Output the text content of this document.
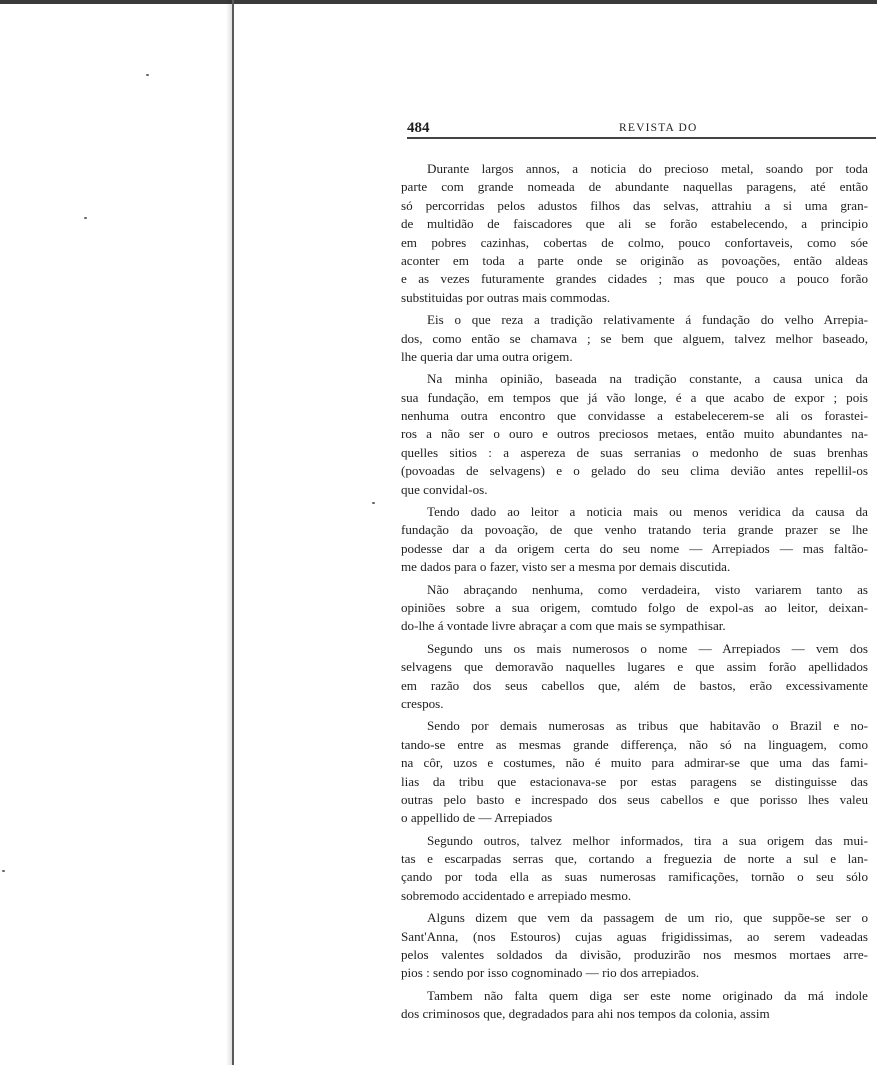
484	REVISTA DO
Durante largos annos, a noticia do precioso metal, soando por toda
parte com grande nomeada de abundante naquellas paragens, até então
só percorridas pelos adustos filhos das selvas, attrahiu a si uma gran-
de multidão de faiscadores que ali se forão estabelecendo, a principio
em pobres cazinhas, cobertas de colmo, pouco confortaveis, como sóe
aconter em toda a parte onde se originão as povoações, então aldeas
e as vezes futuramente grandes cidades ; mas que pouco a pouco forão
substituidas por outras mais commodas.
Eis o que reza a tradição relativamente á fundação do velho Arrepia-
dos, como então se chamava ; se bem que alguem, talvez melhor baseado,
lhe queria dar uma outra origem.
Na minha opinião, baseada na tradição constante, a causa unica da
sua fundação, em tempos que já vão longe, é a que acabo de expor ; pois
nenhuma outra encontro que convidasse a estabelecerem-se ali os forastei-
ros a não ser o ouro e outros preciosos metaes, então muito abundantes na-
quelles sitios : a aspereza de suas serranias o medonho de suas brenhas
(povoadas de selvagens) e o gelado do seu clima devião antes repellil-os
que convidal-os.
Tendo dado ao leitor a noticia mais ou menos veridica da causa da
fundação da povoação, de que venho tratando teria grande prazer se lhe
podesse dar a da origem certa do seu nome — Arrepiados — mas faltão-
me dados para o fazer, visto ser a mesma por demais discutida.
Não abraçando nenhuma, como verdadeira, visto variarem tanto as
opiniões sobre a sua origem, comtudo folgo de expol-as ao leitor, deixan-
do-lhe á vontade livre abraçar a com que mais se sympathisar.
Segundo uns os mais numerosos o nome — Arrepiados — vem dos
selvagens que demoravão naquelles lugares e que assim forão apellidados
em razão dos seus cabellos que, além de bastos, erão excessivamente
crespos.
Sendo por demais numerosas as tribus que habitavão o Brazil e no-
tando-se entre as mesmas grande differença, não só na linguagem, como
na côr, uzos e costumes, não é muito para admirar-se que uma das fami-
lias da tribu que estacionava-se por estas paragens se distinguisse das
outras pelo basto e increspado dos seus cabellos e que porisso lhes valeu
o appellido de — Arrepiados
Segundo outros, talvez melhor informados, tira a sua origem das mui-
tas e escarpadas serras que, cortando a freguezia de norte a sul e lan-
çando por toda ella as suas numerosas ramificações, tornão o seu sólo
sobremodo accidentado e arrepiado mesmo.
Alguns dizem que vem da passagem de um rio, que suppõe-se ser o
Sant'Anna, (nos Estouros) cujas aguas frigidissimas, ao serem vadeadas
pelos valentes soldados da divisão, produzirão nos mesmos mortaes arre-
pios : sendo por isso cognominado — rio dos arrepiados.
Tambem não falta quem diga ser este nome originado da má indole
dos criminosos que, degradados para ahi nos tempos da colonia, assim
